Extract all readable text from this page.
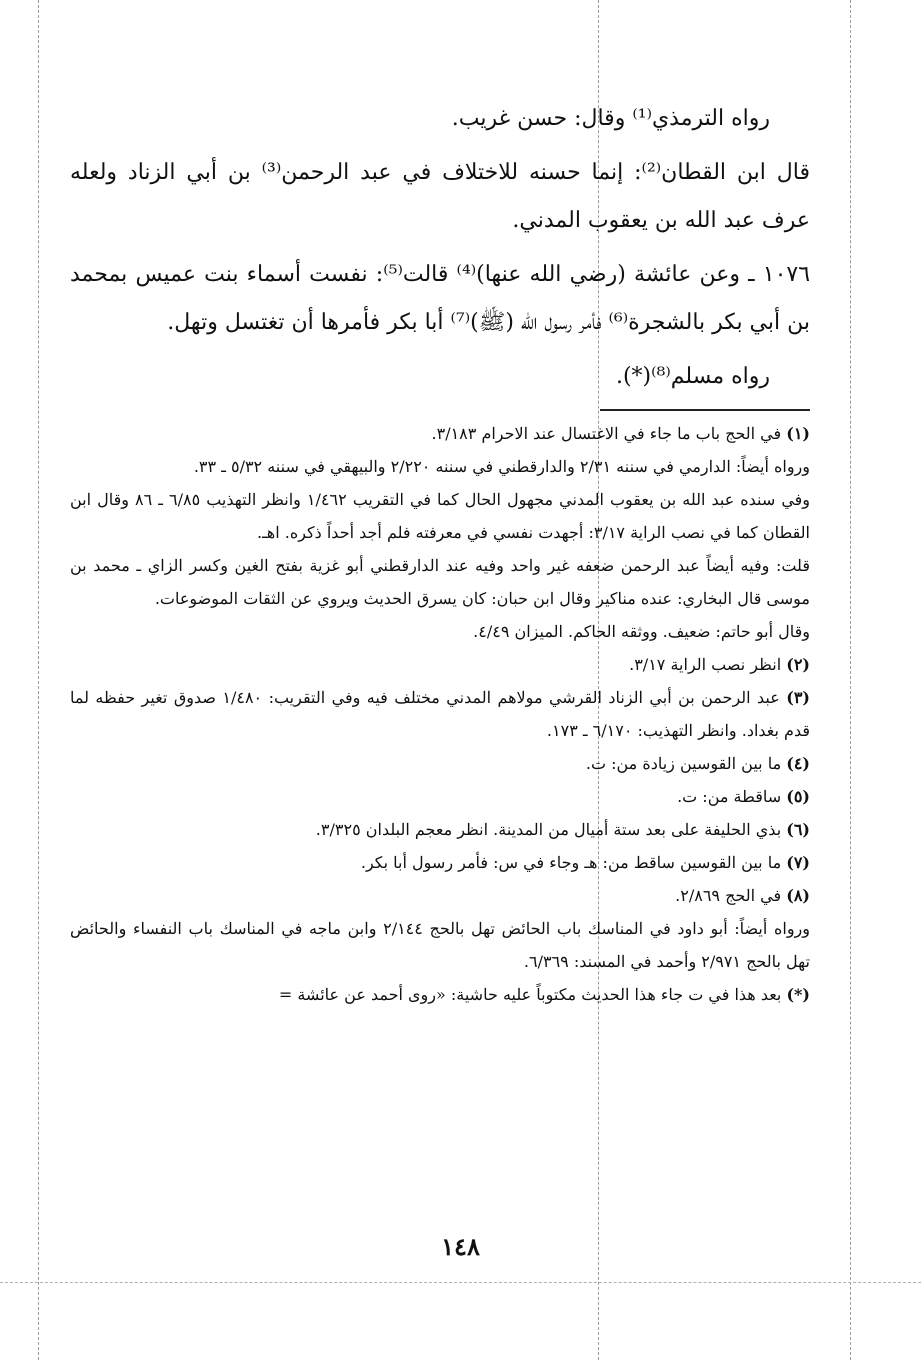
رواه الترمذي⁽¹⁾ وقال: حسن غريب.

قال ابن القطان⁽²⁾: إنما حسنه للاختلاف في عبد الرحمن⁽³⁾ بن أبي الزناد ولعله عرف عبد الله بن يعقوب المدني.

١٠٧٦ ـ وعن عائشة (رضي الله عنها)⁽⁴⁾ قالت⁽⁵⁾: نفست أسماء بنت عميس بمحمد بن أبي بكر بالشجرة⁽⁶⁾ فأمر رسول الله (ﷺ)⁽⁷⁾ أبا بكر فأمرها أن تغتسل وتهل.

رواه مسلم⁽⁸⁾(*).

(١) في الحج باب ما جاء في الاغتسال عند الاحرام ٣/١٨٣.
ورواه أيضاً: الدارمي في سننه ٢/٣١ والدارقطني في سننه ٢/٢٢٠ والبيهقي في سننه ٥/٣٢ ـ ٣٣.
وفي سنده عبد الله بن يعقوب المدني مجهول الحال كما في التقريب ١/٤٦٢ وانظر التهذيب ٦/٨٥ ـ ٨٦ وقال ابن القطان كما في نصب الراية ٣/١٧: أجهدت نفسي في معرفته فلم أجد أحداً ذكره. اهـ.
قلت: وفيه أيضاً عبد الرحمن ضعفه غير واحد وفيه عند الدارقطني أبو غزية بفتح الغين وكسر الزاي ـ محمد بن موسى قال البخاري: عنده مناكير وقال ابن حبان: كان يسرق الحديث ويروي عن الثقات الموضوعات.
وقال أبو حاتم: ضعيف. ووثقه الحاكم. الميزان ٤/٤٩.
(٢) انظر نصب الراية ٣/١٧.
(٣) عبد الرحمن بن أبي الزناد القرشي مولاهم المدني مختلف فيه وفي التقريب: ١/٤٨٠ صدوق تغير حفظه لما قدم بغداد. وانظر التهذيب: ٦/١٧٠ ـ ١٧٣.
(٤) ما بين القوسين زيادة من: ت.
(٥) ساقطة من: ت.
(٦) بذي الحليفة على بعد ستة أميال من المدينة. انظر معجم البلدان ٣/٣٢٥.
(٧) ما بين القوسين ساقط من: هـ وجاء في س: فأمر رسول أبا بكر.
(٨) في الحج ٢/٨٦٩.
ورواه أيضاً: أبو داود في المناسك باب الحائض تهل بالحج ٢/١٤٤ وابن ماجه في المناسك باب النفساء والحائض تهل بالحج ٢/٩٧١ وأحمد في المسند: ٦/٣٦٩.
(*) بعد هذا في ت جاء هذا الحديث مكتوباً عليه حاشية: «روى أحمد عن عائشة =
١٤٨
